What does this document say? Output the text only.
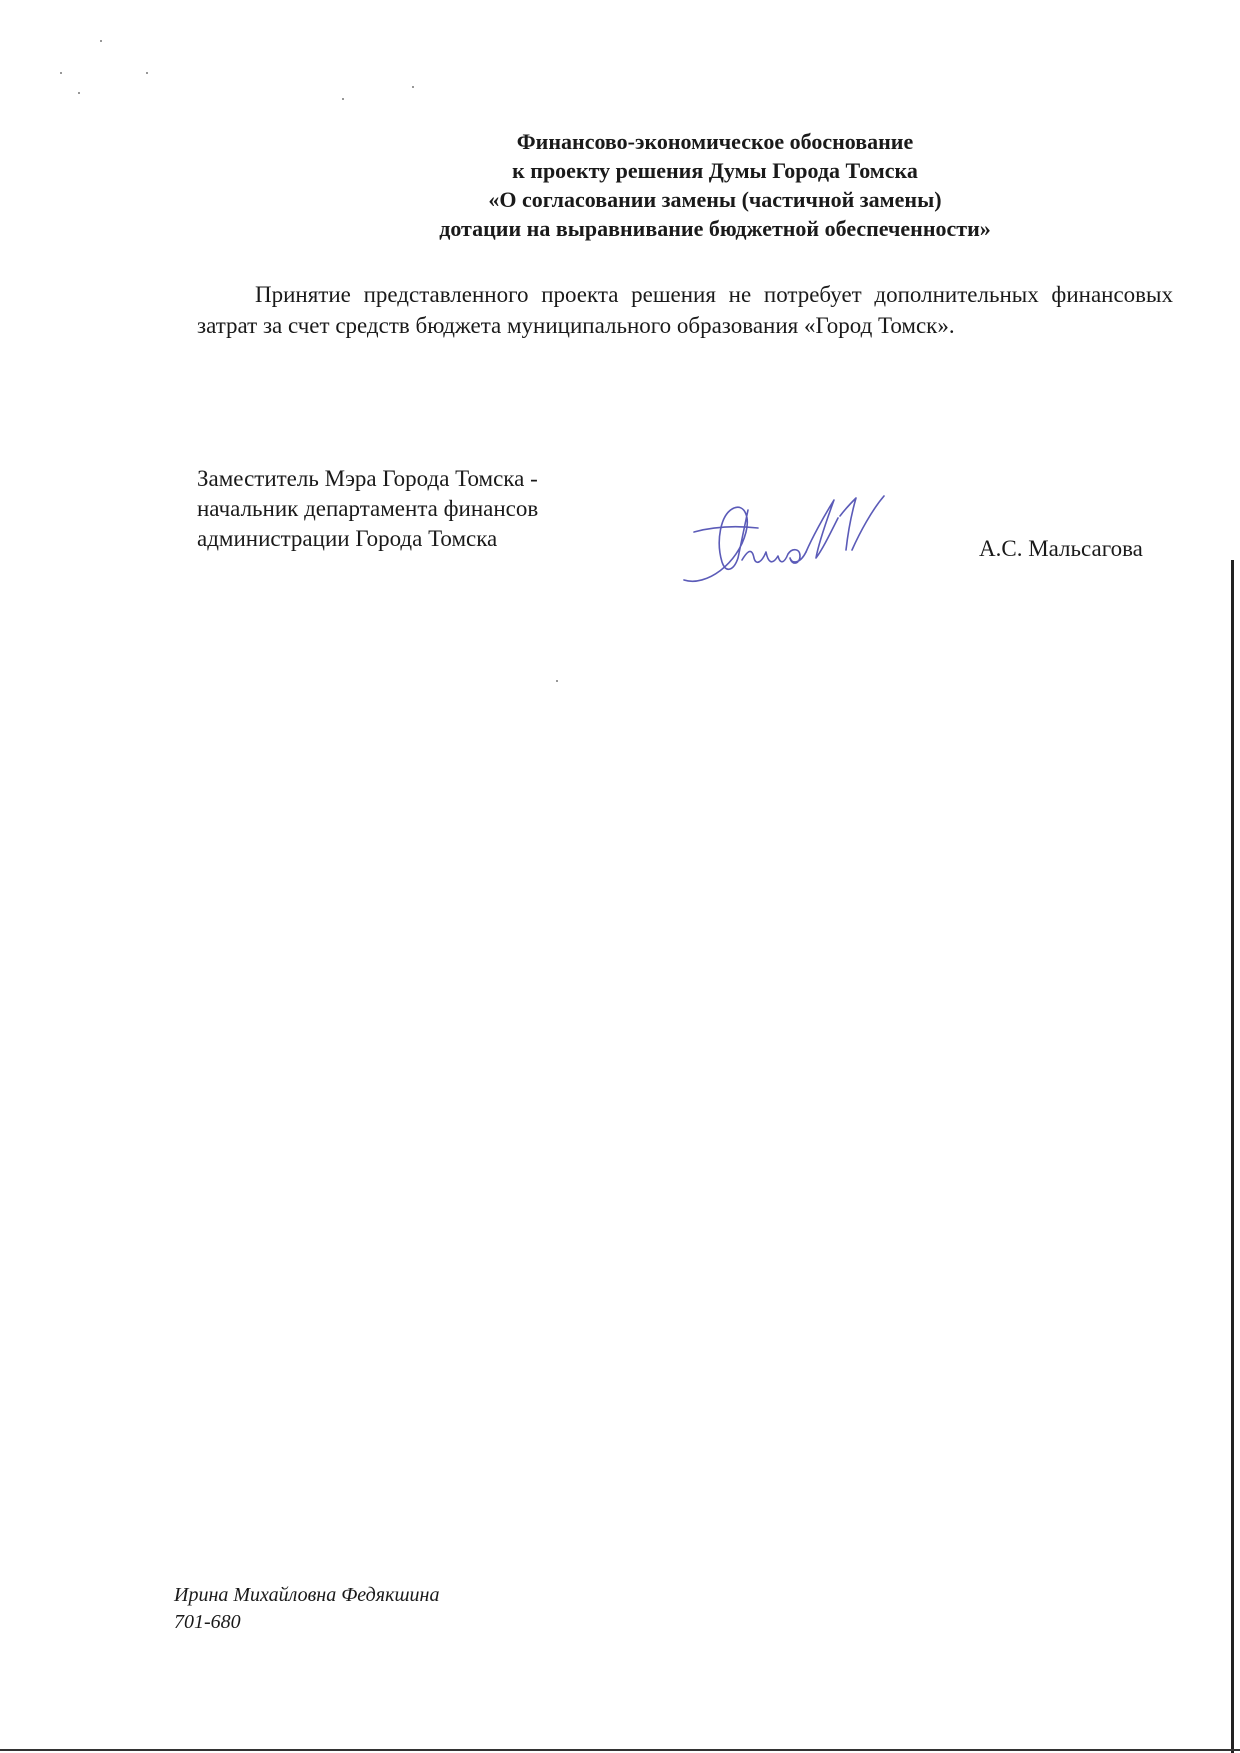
Финансово-экономическое обоснование
к проекту решения Думы Города Томска
«О согласовании замены (частичной замены)
дотации на выравнивание бюджетной обеспеченности»
Принятие представленного проекта решения не потребует дополнительных финансовых затрат за счет средств бюджета муниципального образования «Город Томск».
Заместитель Мэра Города Томска -
начальник департамента финансов
администрации Города Томска	А.С. Мальсагова
Ирина Михайловна Федякшина
701-680
